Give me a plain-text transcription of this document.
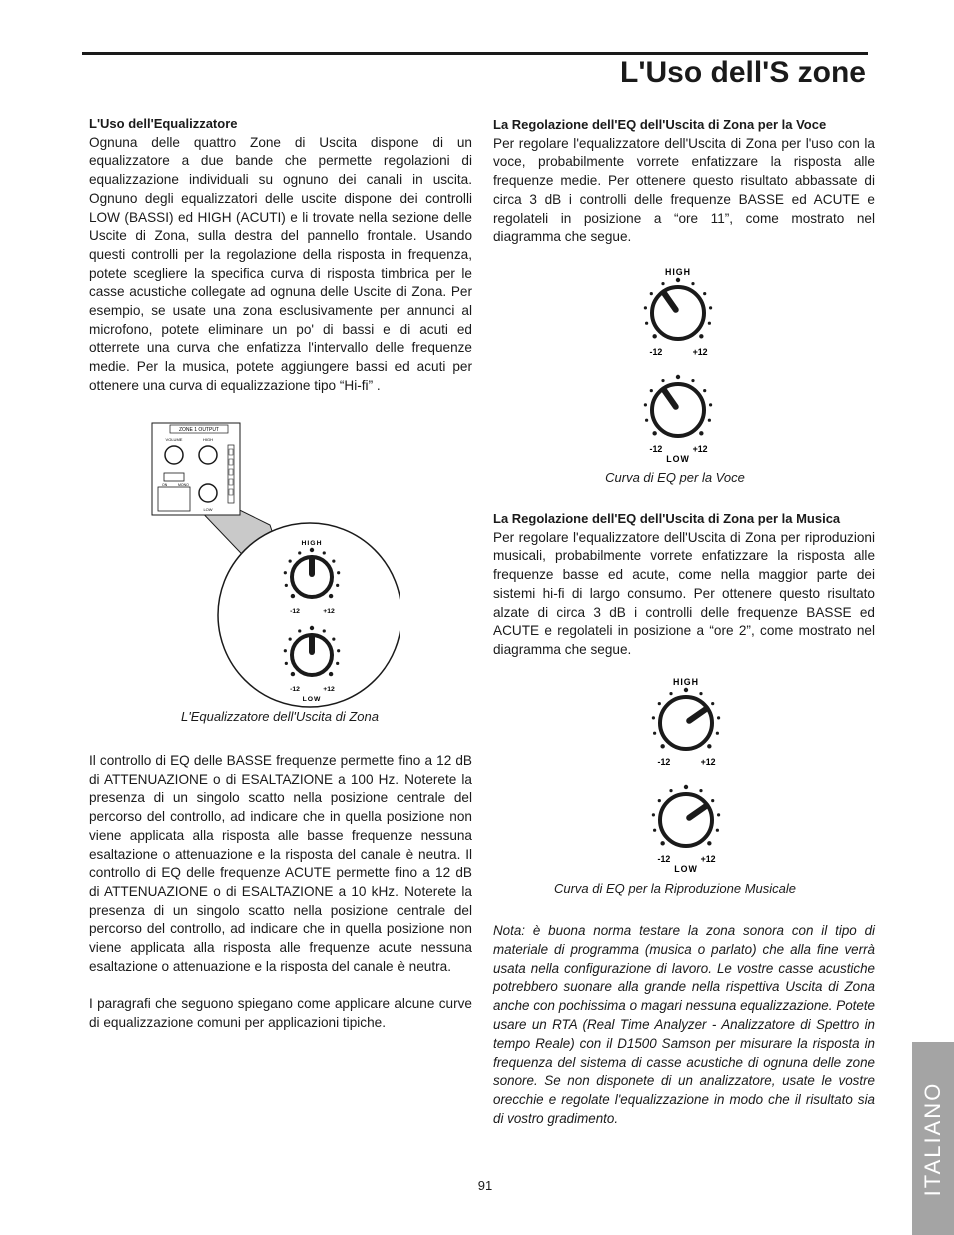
L'Uso dell'S zone
L'Uso dell'Equalizzatore

Ognuna delle quattro Zone di Uscita dispone di un equalizzatore a due bande che permette regolazioni di equalizzazione individuali su ognuno dei canali in uscita. Ognuno degli equalizzatori delle uscite dispone dei controlli LOW (BASSI) ed HIGH (ACUTI) e li trovate nella sezione delle Uscite di Zona, sulla destra del pannello frontale. Usando questi controlli per la regolazione della risposta in frequenza, potete scegliere la specifica curva di risposta timbrica per le casse acustiche collegate ad ognuna delle Uscite di Zona. Per esempio, se usate una zona esclusivamente per annunci al microfono, potete eliminare un po' di bassi e di acuti ed otterrete una curva che enfatizza l'intervallo delle frequenze medie. Per la musica, potete aggiungere bassi ed acuti per ottenere una curva di equalizzazione tipo “Hi-fi” .

ZONE 1 OUTPUT
VOLUME	HIGH
LOW
ON	MONO
-12	+12
HIGH
-12	+12
LOW
L'Equalizzatore dell'Uscita di Zona

Il controllo di EQ delle BASSE frequenze permette fino a 12 dB di ATTENUAZIONE o di ESALTAZIONE a 100 Hz. Noterete la presenza di un singolo scatto nella posizione centrale del percorso del controllo, ad indicare che in quella posizione non viene applicata alla risposta alle basse frequenze nessuna esaltazione o attenuazione e la risposta del canale è neutra. Il controllo di EQ delle frequenze ACUTE permette fino a 12 dB di ATTENUAZIONE o di ESALTAZIONE a 10 kHz. Noterete la presenza di un singolo scatto nella posizione centrale del percorso del controllo, ad indicare che in quella posizione non viene applicata alla risposta alle frequenze acute nessuna esaltazione o attenuazione e la risposta del canale è neutra.

I paragrafi che seguono spiegano come applicare alcune curve di equalizzazione comuni per applicazioni tipiche.

La Regolazione dell'EQ dell'Uscita di Zona per la Voce

Per regolare l'equalizzatore dell'Uscita di Zona per l'uso con la voce, probabilmente vorrete enfatizzare la risposta alle frequenze medie. Per ottenere questo risultato abbassate di circa 3 dB i controlli delle frequenze BASSE ed ACUTE e regolateli in posizione a “ore 11”, come mostrato nel diagramma che segue.

-12	+12
HIGH
-12	+12
LOW
Curva di EQ per la Voce
La Regolazione dell'EQ dell'Uscita di Zona per la Musica

Per regolare l'equalizzatore dell'Uscita di Zona per riproduzioni musicali, probabilmente vorrete enfatizzare la risposta alle frequenze basse ed acute, come nella maggior parte dei sistemi hi-fi di largo consumo. Per ottenere questo risultato alzate di circa 3 dB i controlli delle frequenze BASSE ed ACUTE e regolateli in posizione a “ore 2”, come mostrato nel diagramma che segue.

-12	+12
HIGH
-12	+12
LOW
Curva di EQ per la Riproduzione Musicale

Nota: è buona norma testare la zona sonora con il tipo di materiale di programma (musica o parlato) che alla fine verrà usata nella configurazione di lavoro. Le vostre casse acustiche potrebbero suonare alla grande nella rispettiva Uscita di Zona anche con pochissima o magari nessuna equalizzazione. Potete usare un RTA (Real Time Analyzer - Analizzatore di Spettro in tempo Reale) con il D1500 Samson per misurare la risposta in frequenza del sistema di casse acustiche di ognuna delle zone sonore. Se non disponete di un analizzatore, usate le vostre orecchie e regolate l'equalizzazione in modo che il risultato sia di vostro gradimento.	ITALIANO
91
